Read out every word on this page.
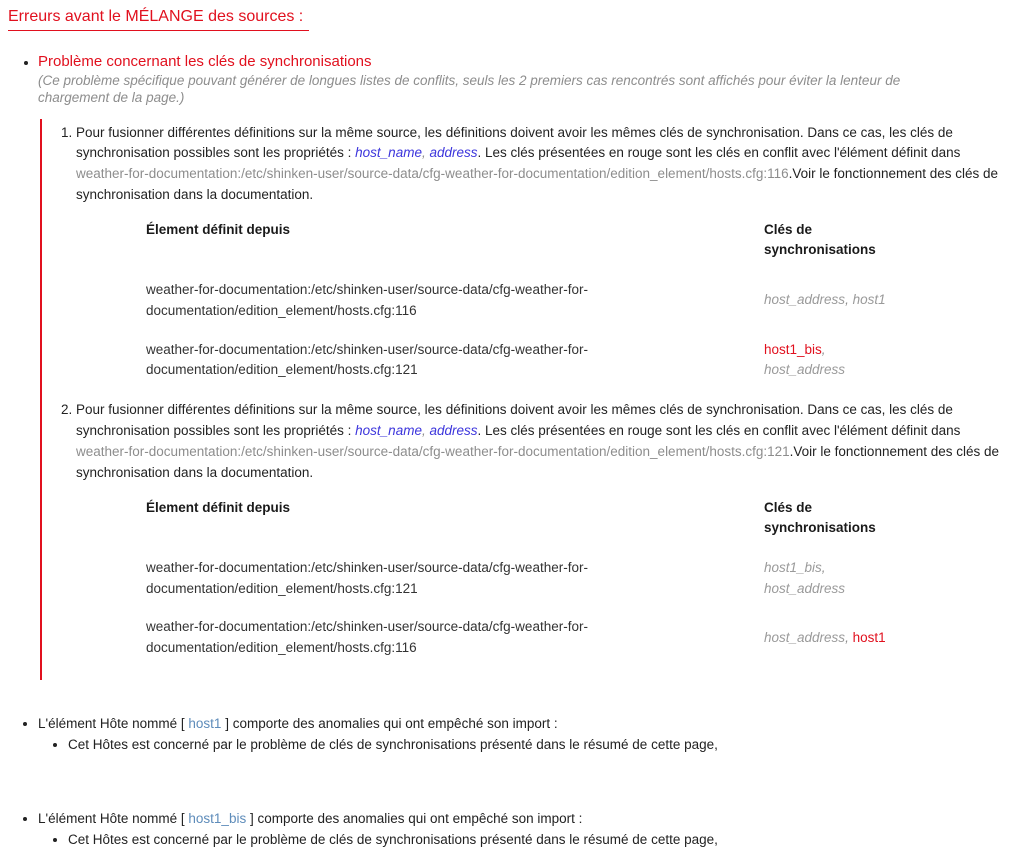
Erreurs avant le MÉLANGE des sources :
• Problème concernant les clés de synchronisations
(Ce problème spécifique pouvant générer de longues listes de conflits, seuls les 2 premiers cas rencontrés sont affichés pour éviter la lenteur de chargement de la page.)
1. Pour fusionner différentes définitions sur la même source, les définitions doivent avoir les mêmes clés de synchronisation. Dans ce cas, les clés de synchronisation possibles sont les propriétés : host_name, address. Les clés présentées en rouge sont les clés en conflit avec l'élément définit dans weather-for-documentation:/etc/shinken-user/source-data/cfg-weather-for-documentation/edition_element/hosts.cfg:116.Voir le fonctionnement des clés de synchronisation dans la documentation.
Élement définit depuis	Clés de synchronisations
weather-for-documentation:/etc/shinken-user/source-data/cfg-weather-for-documentation/edition_element/hosts.cfg:116	host_address, host1
weather-for-documentation:/etc/shinken-user/source-data/cfg-weather-for-documentation/edition_element/hosts.cfg:121	host1_bis, host_address
2. Pour fusionner différentes définitions sur la même source, les définitions doivent avoir les mêmes clés de synchronisation. Dans ce cas, les clés de synchronisation possibles sont les propriétés : host_name, address. Les clés présentées en rouge sont les clés en conflit avec l'élément définit dans weather-for-documentation:/etc/shinken-user/source-data/cfg-weather-for-documentation/edition_element/hosts.cfg:121.Voir le fonctionnement des clés de synchronisation dans la documentation.
Élement définit depuis	Clés de synchronisations
weather-for-documentation:/etc/shinken-user/source-data/cfg-weather-for-documentation/edition_element/hosts.cfg:121	host1_bis, host_address
weather-for-documentation:/etc/shinken-user/source-data/cfg-weather-for-documentation/edition_element/hosts.cfg:116	host_address, host1
• L'élément Hôte nommé [ host1 ] comporte des anomalies qui ont empêché son import :
• Cet Hôtes est concerné par le problème de clés de synchronisations présenté dans le résumé de cette page,
• L'élément Hôte nommé [ host1_bis ] comporte des anomalies qui ont empêché son import :
• Cet Hôtes est concerné par le problème de clés de synchronisations présenté dans le résumé de cette page,
